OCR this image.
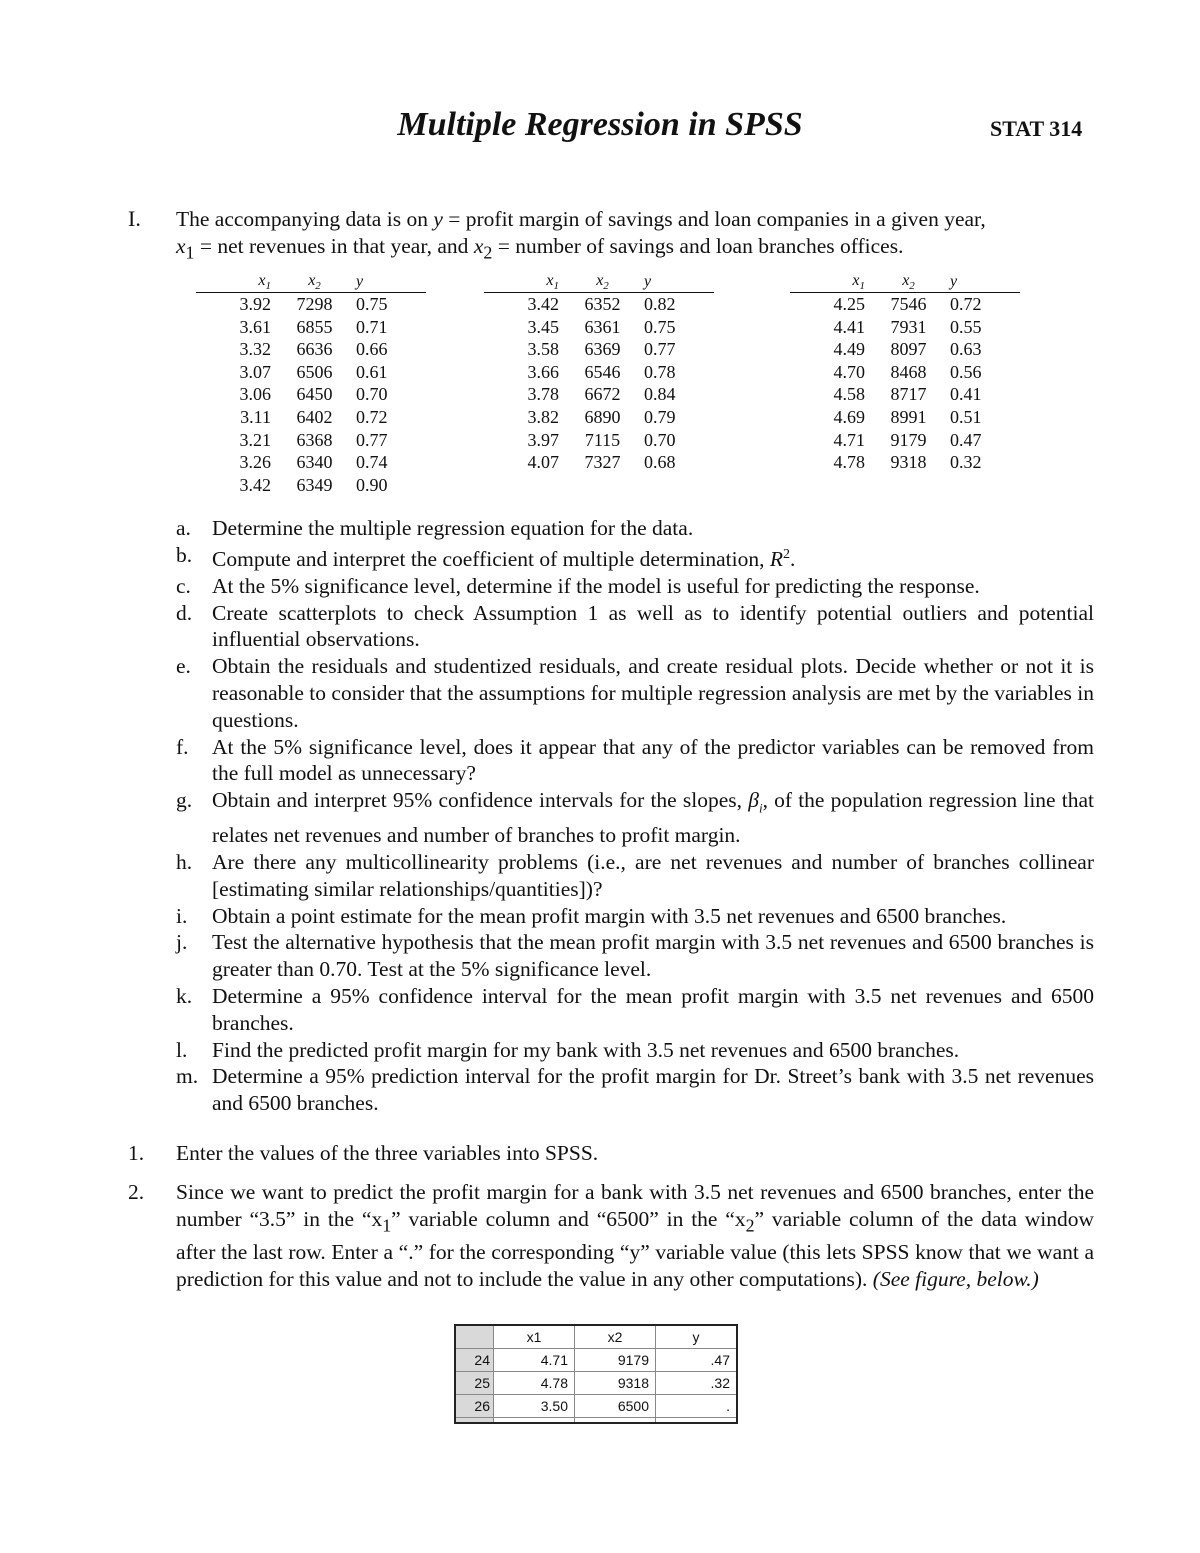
Multiple Regression in SPSS	STAT 314
I. The accompanying data is on y = profit margin of savings and loan companies in a given year,
$x_1$ = net revenues in that year, and $x_2$ = number of savings and loan branches offices.
$x_1$	$x_2$	y
3.92	7298	0.75
3.61	6855	0.71
3.32	6636	0.66
3.07	6506	0.61
3.06	6450	0.70
3.11	6402	0.72
3.21	6368	0.77
3.26	6340	0.74
3.42	6349	0.90
$x_1$	$x_2$	y
3.42	6352	0.82
3.45	6361	0.75
3.58	6369	0.77
3.66	6546	0.78
3.78	6672	0.84
3.82	6890	0.79
3.97	7115	0.70
4.07	7327	0.68
$x_1$	$x_2$	y
4.25	7546	0.72
4.41	7931	0.55
4.49	8097	0.63
4.70	8468	0.56
4.58	8717	0.41
4.69	8991	0.51
4.71	9179	0.47
4.78	9318	0.32
a. Determine the multiple regression equation for the data.
b. Compute and interpret the coefficient of multiple determination, $R^2$.
c. At the 5% significance level, determine if the model is useful for predicting the response.
d. Create scatterplots to check Assumption 1 as well as to identify potential outliers and potential influential observations.
e. Obtain the residuals and studentized residuals, and create residual plots. Decide whether or not it is reasonable to consider that the assumptions for multiple regression analysis are met by the variables in questions.
f. At the 5% significance level, does it appear that any of the predictor variables can be removed from the full model as unnecessary?
g. Obtain and interpret 95% confidence intervals for the slopes, $\beta_i$, of the population regression line that relates net revenues and number of branches to profit margin.
h. Are there any multicollinearity problems (i.e., are net revenues and number of branches collinear [estimating similar relationships/quantities])?
i. Obtain a point estimate for the mean profit margin with 3.5 net revenues and 6500 branches.
j. Test the alternative hypothesis that the mean profit margin with 3.5 net revenues and 6500 branches is greater than 0.70. Test at the 5% significance level.
k. Determine a 95% confidence interval for the mean profit margin with 3.5 net revenues and 6500 branches.
l. Find the predicted profit margin for my bank with 3.5 net revenues and 6500 branches.
m. Determine a 95% prediction interval for the profit margin for Dr. Street’s bank with 3.5 net revenues and 6500 branches.
1. Enter the values of the three variables into SPSS.
2. Since we want to predict the profit margin for a bank with 3.5 net revenues and 6500 branches, enter the number “3.5” in the “$x_1$” variable column and “6500” in the “$x_2$” variable column of the data window after the last row. Enter a “.” for the corresponding “y” variable value (this lets SPSS know that we want a prediction for this value and not to include the value in any other computations). (See figure, below.)
	x1	x2	y
24	4.71	9179	.47
25	4.78	9318	.32
26	3.50	6500	.
